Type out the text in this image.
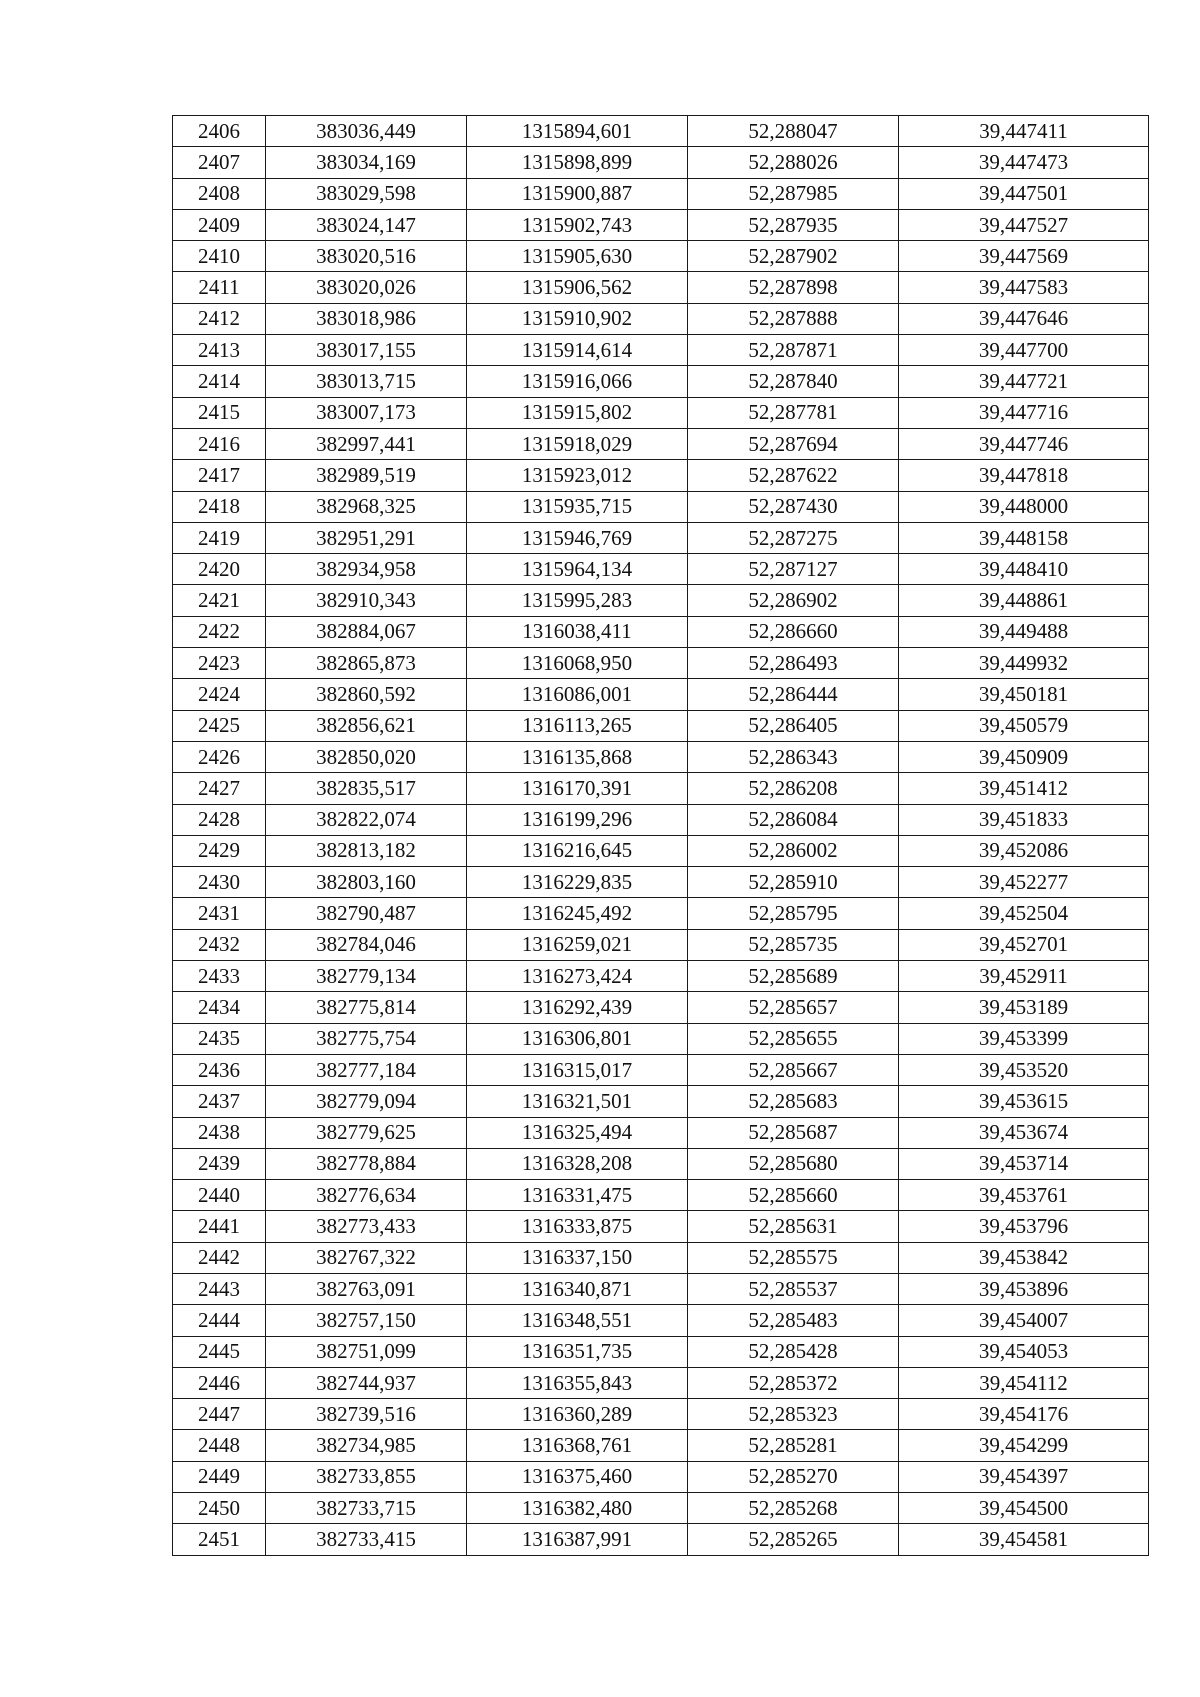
2406	383036,449	1315894,601	52,288047	39,447411
2407	383034,169	1315898,899	52,288026	39,447473
2408	383029,598	1315900,887	52,287985	39,447501
2409	383024,147	1315902,743	52,287935	39,447527
2410	383020,516	1315905,630	52,287902	39,447569
2411	383020,026	1315906,562	52,287898	39,447583
2412	383018,986	1315910,902	52,287888	39,447646
2413	383017,155	1315914,614	52,287871	39,447700
2414	383013,715	1315916,066	52,287840	39,447721
2415	383007,173	1315915,802	52,287781	39,447716
2416	382997,441	1315918,029	52,287694	39,447746
2417	382989,519	1315923,012	52,287622	39,447818
2418	382968,325	1315935,715	52,287430	39,448000
2419	382951,291	1315946,769	52,287275	39,448158
2420	382934,958	1315964,134	52,287127	39,448410
2421	382910,343	1315995,283	52,286902	39,448861
2422	382884,067	1316038,411	52,286660	39,449488
2423	382865,873	1316068,950	52,286493	39,449932
2424	382860,592	1316086,001	52,286444	39,450181
2425	382856,621	1316113,265	52,286405	39,450579
2426	382850,020	1316135,868	52,286343	39,450909
2427	382835,517	1316170,391	52,286208	39,451412
2428	382822,074	1316199,296	52,286084	39,451833
2429	382813,182	1316216,645	52,286002	39,452086
2430	382803,160	1316229,835	52,285910	39,452277
2431	382790,487	1316245,492	52,285795	39,452504
2432	382784,046	1316259,021	52,285735	39,452701
2433	382779,134	1316273,424	52,285689	39,452911
2434	382775,814	1316292,439	52,285657	39,453189
2435	382775,754	1316306,801	52,285655	39,453399
2436	382777,184	1316315,017	52,285667	39,453520
2437	382779,094	1316321,501	52,285683	39,453615
2438	382779,625	1316325,494	52,285687	39,453674
2439	382778,884	1316328,208	52,285680	39,453714
2440	382776,634	1316331,475	52,285660	39,453761
2441	382773,433	1316333,875	52,285631	39,453796
2442	382767,322	1316337,150	52,285575	39,453842
2443	382763,091	1316340,871	52,285537	39,453896
2444	382757,150	1316348,551	52,285483	39,454007
2445	382751,099	1316351,735	52,285428	39,454053
2446	382744,937	1316355,843	52,285372	39,454112
2447	382739,516	1316360,289	52,285323	39,454176
2448	382734,985	1316368,761	52,285281	39,454299
2449	382733,855	1316375,460	52,285270	39,454397
2450	382733,715	1316382,480	52,285268	39,454500
2451	382733,415	1316387,991	52,285265	39,454581
